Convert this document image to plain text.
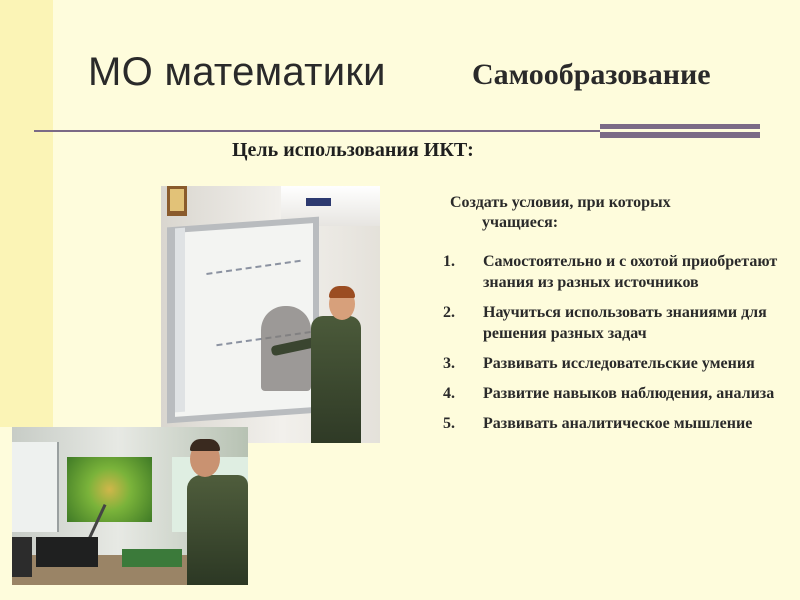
МО математики	Самообразование
Цель использования ИКТ:
Создать условия, при которых
учащиеся:
1. Самостоятельно и с охотой приобретают знания из разных источников
2. Научиться использовать знаниями для решения разных задач
3. Развивать исследовательские умения
4. Развитие навыков наблюдения, анализа
5. Развивать аналитическое мышление
